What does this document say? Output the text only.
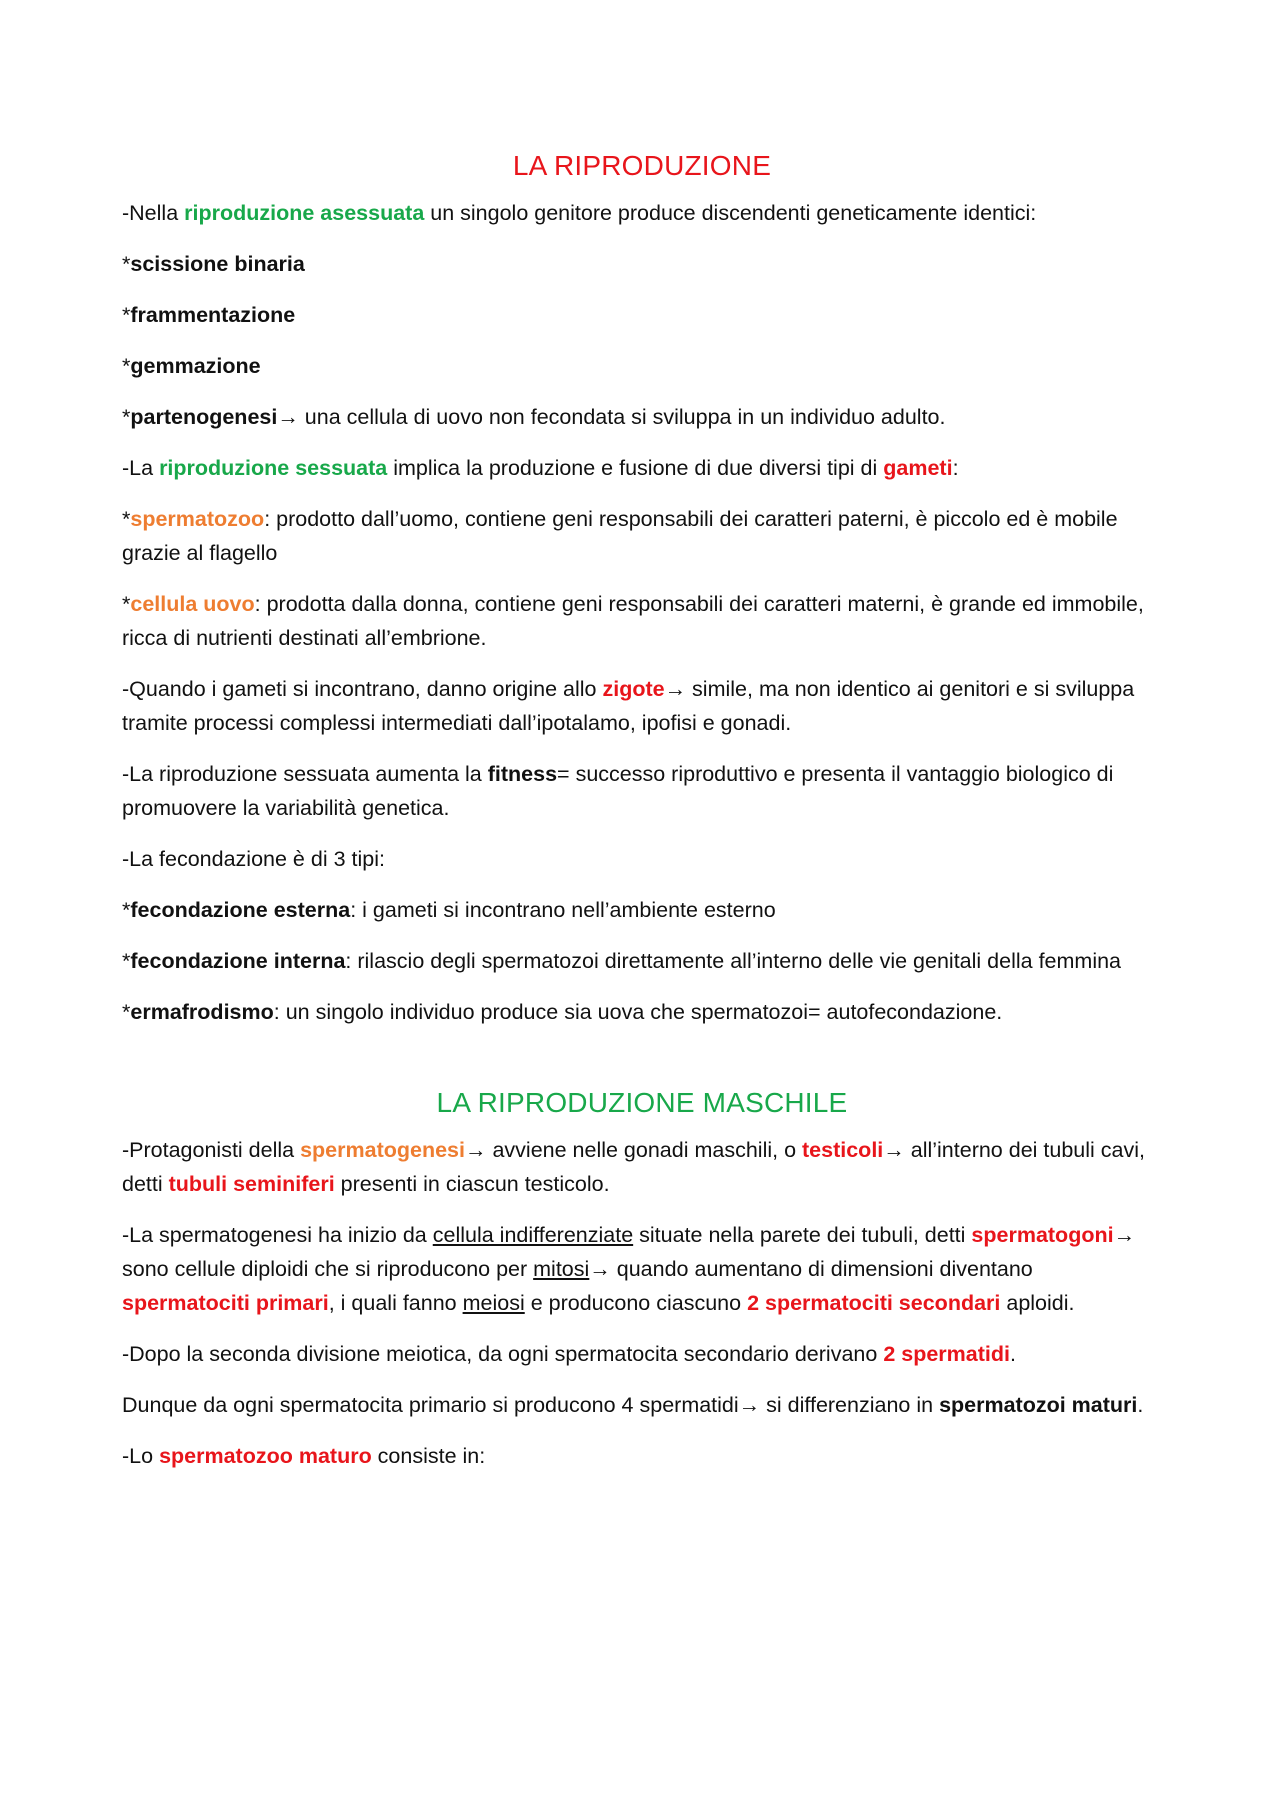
LA RIPRODUZIONE

-Nella riproduzione asessuata un singolo genitore produce discendenti geneticamente identici:

*scissione binaria

*frammentazione

*gemmazione

*partenogenesi→ una cellula di uovo non fecondata si sviluppa in un individuo adulto.

-La riproduzione sessuata implica la produzione e fusione di due diversi tipi di gameti:

*spermatozoo: prodotto dall’uomo, contiene geni responsabili dei caratteri paterni, è piccolo ed è mobile grazie al flagello

*cellula uovo: prodotta dalla donna, contiene geni responsabili dei caratteri materni, è grande ed immobile, ricca di nutrienti destinati all’embrione.

-Quando i gameti si incontrano, danno origine allo zigote→ simile, ma non identico ai genitori e si sviluppa tramite processi complessi intermediati dall’ipotalamo, ipofisi e gonadi.

-La riproduzione sessuata aumenta la fitness= successo riproduttivo e presenta il vantaggio biologico di promuovere la variabilità genetica.

-La fecondazione è di 3 tipi:

*fecondazione esterna: i gameti si incontrano nell’ambiente esterno

*fecondazione interna: rilascio degli spermatozoi direttamente all’interno delle vie genitali della femmina

*ermafrodismo: un singolo individuo produce sia uova che spermatozoi= autofecondazione.

LA RIPRODUZIONE MASCHILE

-Protagonisti della spermatogenesi→ avviene nelle gonadi maschili, o testicoli→ all’interno dei tubuli cavi, detti tubuli seminiferi presenti in ciascun testicolo.

-La spermatogenesi ha inizio da cellula indifferenziate situate nella parete dei tubuli, detti spermatogoni→ sono cellule diploidi che si riproducono per mitosi→ quando aumentano di dimensioni diventano spermatociti primari, i quali fanno meiosi e producono ciascuno 2 spermatociti secondari aploidi.

-Dopo la seconda divisione meiotica, da ogni spermatocita secondario derivano 2 spermatidi.

Dunque da ogni spermatocita primario si producono 4 spermatidi→ si differenziano in spermatozoi maturi.

-Lo spermatozoo maturo consiste in:
